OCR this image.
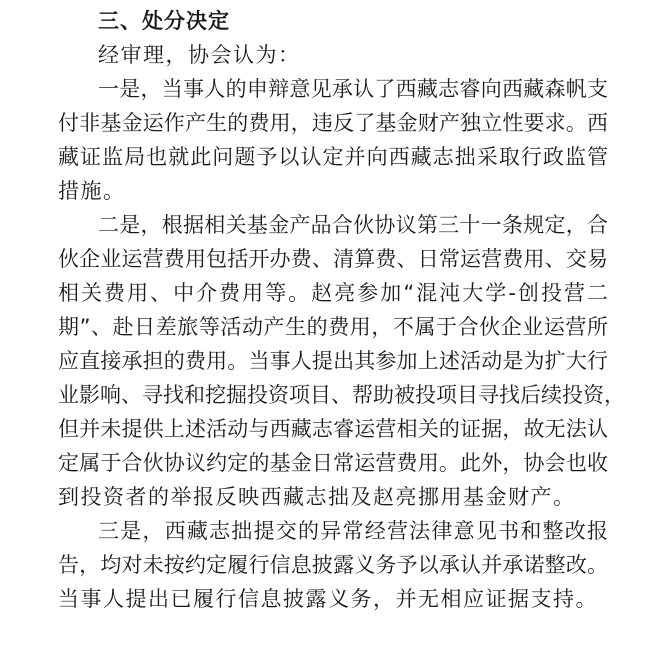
三、处分决定
经审理，协会认为：
一是，当事人的申辩意见承认了西藏志睿向西藏森帆支
付非基金运作产生的费用，违反了基金财产独立性要求。西
藏证监局也就此问题予以认定并向西藏志拙采取行政监管
措施。
二是，根据相关基金产品合伙协议第三十一条规定，合
伙企业运营费用包括开办费、清算费、日常运营费用、交易
相关费用、中介费用等。赵亮参加“混沌大学-创投营二
期”、赴日差旅等活动产生的费用，不属于合伙企业运营所
应直接承担的费用。当事人提出其参加上述活动是为扩大行
业影响、寻找和挖掘投资项目、帮助被投项目寻找后续投资，
但并未提供上述活动与西藏志睿运营相关的证据，故无法认
定属于合伙协议约定的基金日常运营费用。此外，协会也收
到投资者的举报反映西藏志拙及赵亮挪用基金财产。
三是，西藏志拙提交的异常经营法律意见书和整改报
告，均对未按约定履行信息披露义务予以承认并承诺整改。
当事人提出已履行信息披露义务，并无相应证据支持。
